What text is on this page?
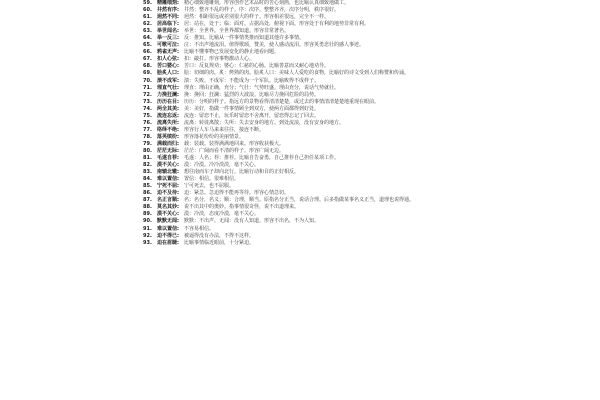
59.	精雕细刻:	精心细致地雕刻。形容创作艺术品时的苦心刻画，也比喻认真细致地做工。
60.	井然有序:	井然：整齐不乱的样子。序：次序。整整齐齐，次序分明，秩序很好。
61.	迥然不同:	迥然：相距很远或差别很大的样子。形容相差很远，完全不一样。
62.	居高临下:	居：站在，处于；临：面对。占据高处，俯视下面。形容处于有利的地势非常有利。
63.	举世闻名:	举世：全世界。全世界都知道。形容非常著名。
64.	举一反三:	反：推知。比喻从一件事情类推而知道其他许多事情。
65.	可歌可泣:	泣：不出声地流泪。值得歌颂，赞美，使人感动流泪。形容英勇悲壮的感人事迹。
66.	鸦雀无声:	比喻不懂事物已发展变化的静止地看问题。
67.	扣人心弦:	扣：敲打。形容事物激动人心。
68.	苦口婆心:	苦口：反复规劝；婆心：仁慈的心肠。比喻善意而又耐心地劝导。
69.	脍炙人口:	脍：切细的肉。炙：烤熟的肉。脍炙人口：美味人人爱吃的食物，比喻好的诗文受到人们称赞和传诵。
70.	溃不成军:	溃：失败。不成军：不能成为一个军队。比喻败得不成样子。
71.	理直气壮:	理直：理由正确，充分；气壮：气势旺盛。理由充分，说话气势就壮。
72.	力挽狂澜:	挽：挽回；狂澜：猛烈的大波浪。比喻尽力挽回危险的局势。
73.	历历在目:	历历：分明的样子。指远方的景物看得清清楚楚，或过去的事情清清楚楚地重现在眼前。
74.	两全其美:	美：美好，指做一件事情顾全到双方，使两方面都得到好处。
75.	流连忘返:	流连：留恋不止，玩乐时留恋不舍离开，留恋得忘记了回去。
76.	流离失所:	流离：转徙离散；失所：失去安身的地方。到处流浪，没有安身的地方。
77.	络绎不绝:	形容行人车马来来往往，接连不断。
78.	落英缤纷:	形容落花纷纷的美丽情景。
79.	满载而归:	载：装载。装得满满地回来。形容收获极大。
80.	茫茫无际:	茫茫：广阔而看不清的样子。形容广阔无边。
81.	毛遂自荐:	毛遂：人名；荐：推荐。比喻自告奋勇，自己推荐自己担任某项工作。
82.	漠不关心:	漠：冷漠。冷冷淡淡，毫不关心。
83.	南辕北辙:	想往南而车子却向北行。比喻行动和目的正好相反。
84.	难以置信:	置信：相信。很难相信。
85.	宁死不屈:	宁可死去，也不屈服。
86.	迫不及待:	迫：紧急。急迫得不能再等待。形容心情急切。
87.	名正言顺:	名：名分，名义；顺：合理，顺当。原指名分正当，说话合理。后多指做某事名义正当，道理也说得通。
88.	莫名其妙:	说不出其中的奥妙。指事情很奇怪，说不出道理来。
89.	漠不关心:	漠：冷淡，态度冷漠，毫不关心。
90.	默默无闻:	默默：不出声。无闻：没有人知道。形容不出名，不为人知。
91.	难以置信:	不容易相信。
92.	迫不得已:	被逼得没有办法，不得不这样。
93.	迫在眉睫:	比喻事情临近眼前，十分紧迫。
